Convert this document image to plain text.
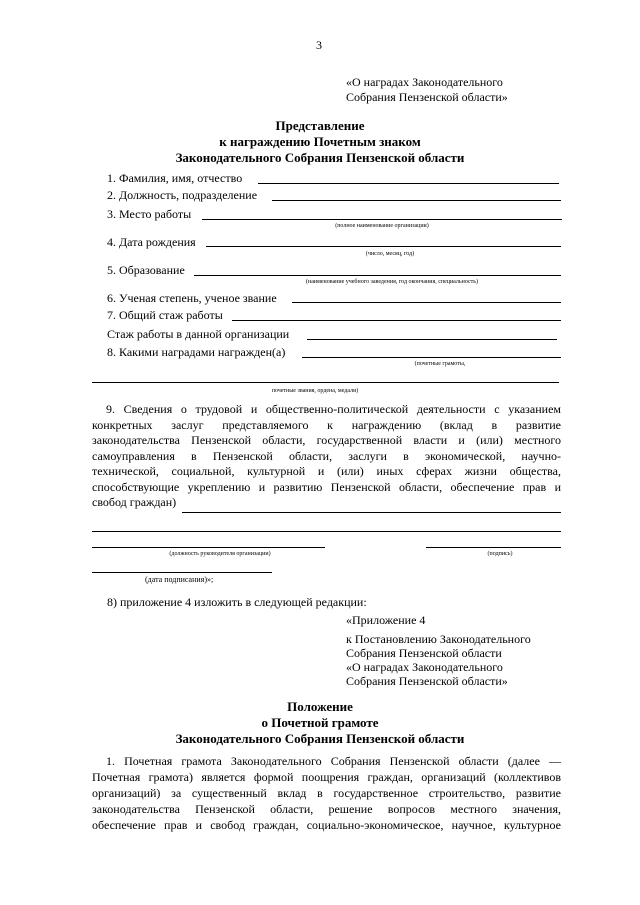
3
«О наградах Законодательного
Собрания Пензенской области»
Представление
к награждению Почетным знаком
Законодательного Собрания Пензенской области
1. Фамилия, имя, отчество
2. Должность, подразделение
3. Место работы
(полное наименование организации)
4. Дата рождения
(число, месяц, год)
5. Образование
(наименование учебного заведения, год окончания, специальность)
6. Ученая степень, ученое звание
7. Общий стаж работы
Стаж работы в данной организации
8. Какими наградами награжден(а)
(почетные грамоты,
почетные звания, ордена, медали)
9. Сведения о трудовой и общественно-политической деятельности с указанием
конкретных заслуг представляемого к награждению (вклад в развитие
законодательства Пензенской области, государственной власти и (или) местного
самоуправления в Пензенской области, заслуги в экономической, научно-
технической, социальной, культурной и (или) иных сферах жизни общества,
способствующие укреплению и развитию Пензенской области, обеспечение прав и
свобод граждан)
(должность руководителя организации)	(подпись)
(дата подписания)»;
8) приложение 4 изложить в следующей редакции:
«Приложение 4
к Постановлению Законодательного
Собрания Пензенской области
«О наградах Законодательного
Собрания Пензенской области»
Положение
о Почетной грамоте
Законодательного Собрания Пензенской области
1. Почетная грамота Законодательного Собрания Пензенской области (далее —
Почетная грамота) является формой поощрения граждан, организаций (коллективов
организаций) за существенный вклад в государственное строительство, развитие
законодательства Пензенской области, решение вопросов местного значения,
обеспечение прав и свобод граждан, социально-экономическое, научное, культурное
